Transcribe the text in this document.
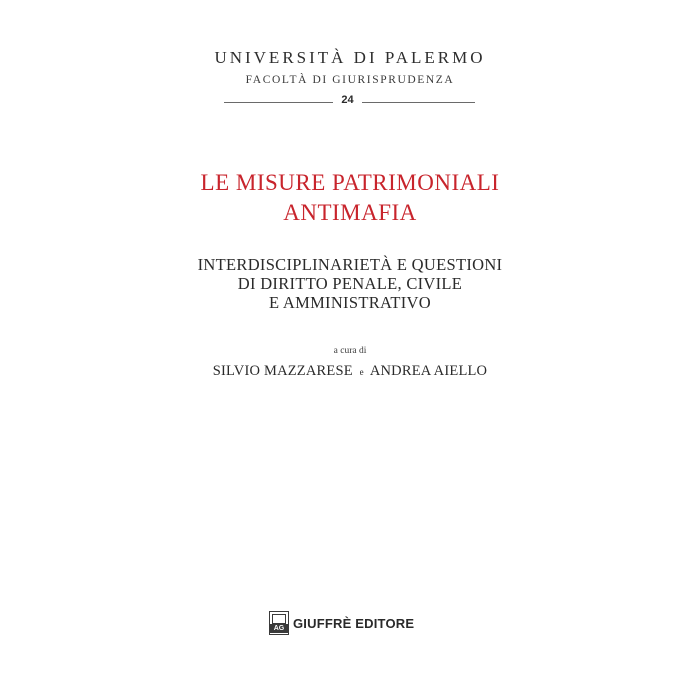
UNIVERSITÀ DI PALERMO
FACOLTÀ DI GIURISPRUDENZA
24
LE MISURE PATRIMONIALI
ANTIMAFIA
INTERDISCIPLINARIETÀ E QUESTIONI
DI DIRITTO PENALE, CIVILE
E AMMINISTRATIVO
a cura di
SILVIO MAZZARESE e ANDREA AIELLO
AG GIUFFRÈ EDITORE
